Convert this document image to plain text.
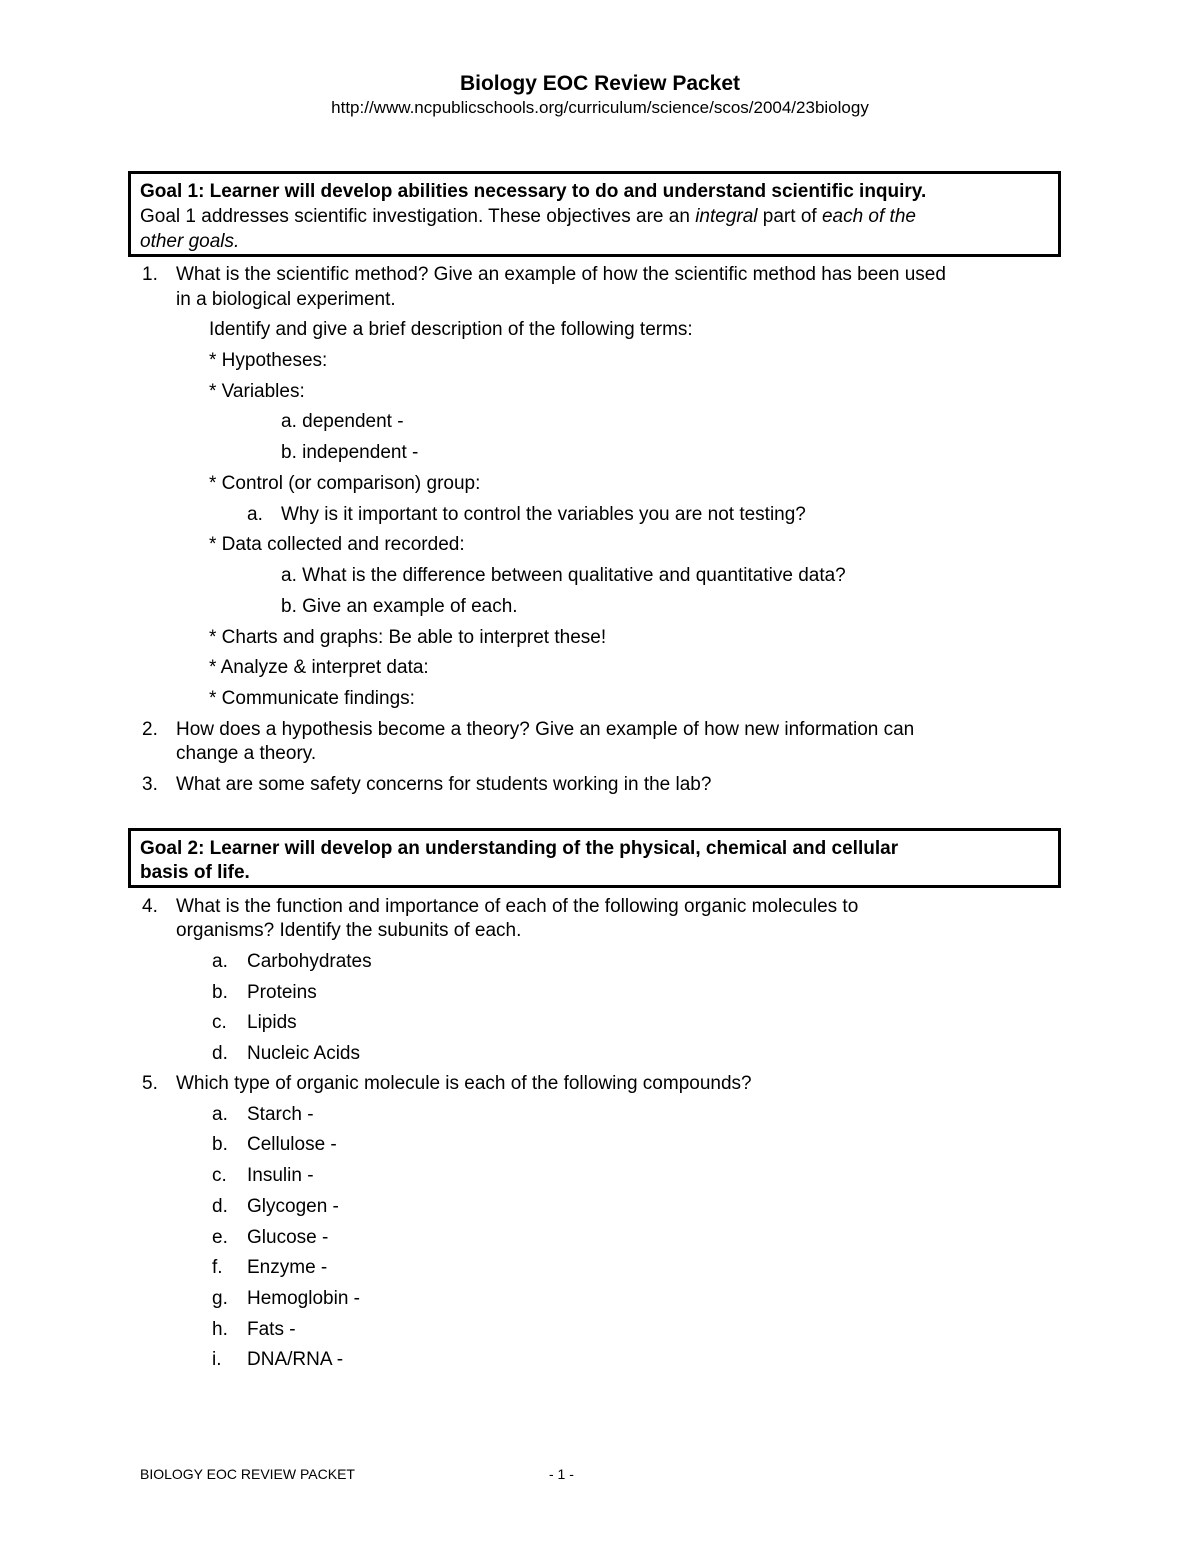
Biology EOC Review Packet
http://www.ncpublicschools.org/curriculum/science/scos/2004/23biology
Goal 1: Learner will develop abilities necessary to do and understand scientific inquiry.
Goal 1 addresses scientific investigation. These objectives are an integral part of each of the
other goals.
1. What is the scientific method? Give an example of how the scientific method has been used
in a biological experiment.
Identify and give a brief description of the following terms:
* Hypotheses:
* Variables:
a. dependent -
b. independent -
* Control (or comparison) group:
a. Why is it important to control the variables you are not testing?
* Data collected and recorded:
a. What is the difference between qualitative and quantitative data?
b. Give an example of each.
* Charts and graphs: Be able to interpret these!
* Analyze & interpret data:
* Communicate findings:
2. How does a hypothesis become a theory? Give an example of how new information can
change a theory.
3. What are some safety concerns for students working in the lab?
Goal 2: Learner will develop an understanding of the physical, chemical and cellular
basis of life.
4. What is the function and importance of each of the following organic molecules to
organisms? Identify the subunits of each.
a. Carbohydrates
b. Proteins
c. Lipids
d. Nucleic Acids
5. Which type of organic molecule is each of the following compounds?
a. Starch -
b. Cellulose -
c. Insulin -
d. Glycogen -
e. Glucose -
f. Enzyme -
g. Hemoglobin -
h. Fats -
i. DNA/RNA -
BIOLOGY EOC REVIEW PACKET	- 1 -
